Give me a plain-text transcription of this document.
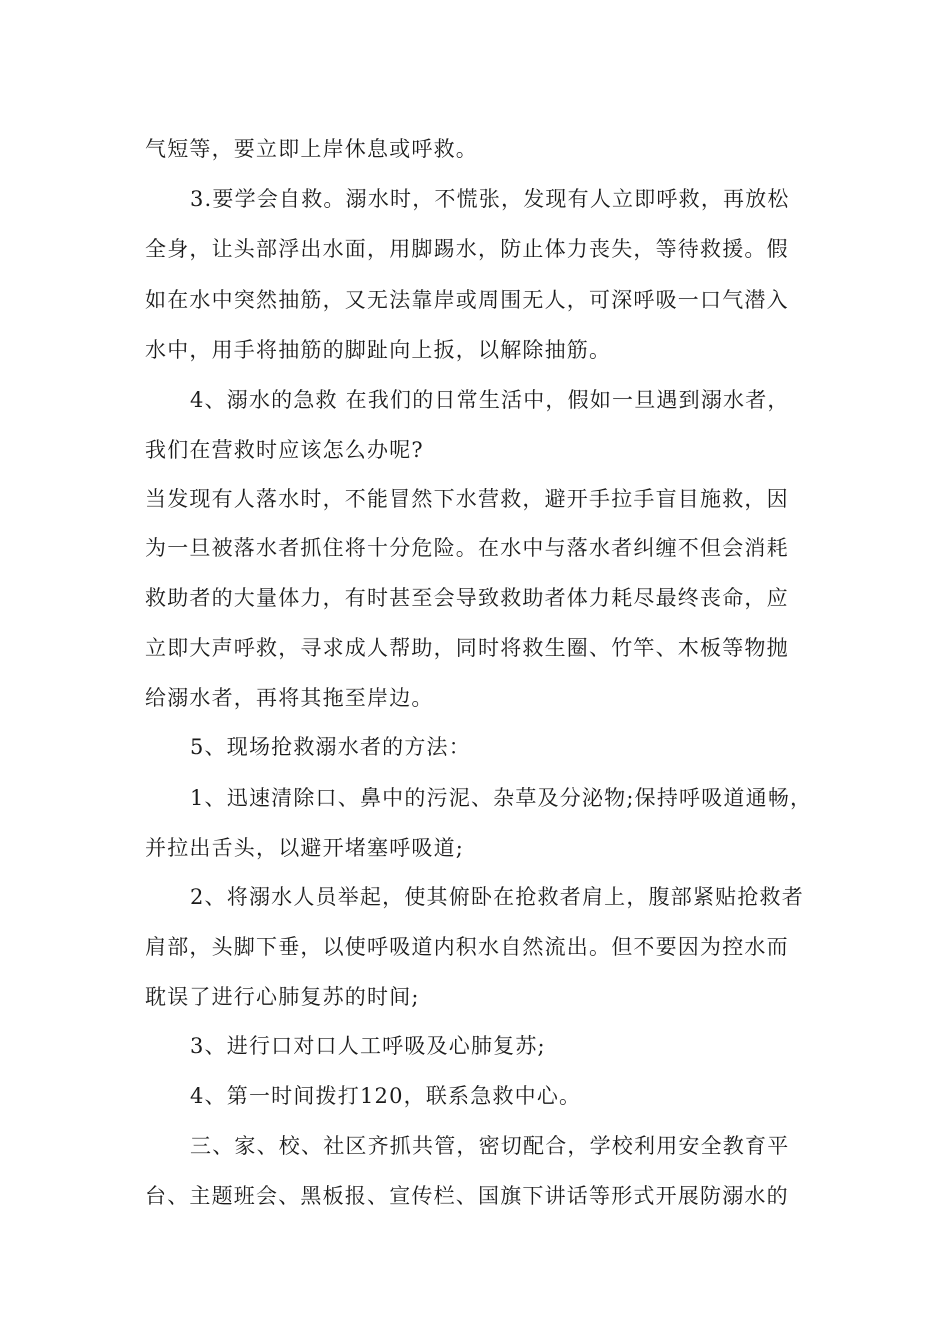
气短等，要立即上岸休息或呼救。
3.要学会自救。溺水时，不慌张，发现有人立即呼救，再放松
全身，让头部浮出水面，用脚踢水，防止体力丧失，等待救援。假
如在水中突然抽筋，又无法靠岸或周围无人，可深呼吸一口气潜入
水中，用手将抽筋的脚趾向上扳，以解除抽筋。
4、溺水的急救 在我们的日常生活中，假如一旦遇到溺水者，
我们在营救时应该怎么办呢?
当发现有人落水时，不能冒然下水营救，避开手拉手盲目施救，因
为一旦被落水者抓住将十分危险。在水中与落水者纠缠不但会消耗
救助者的大量体力，有时甚至会导致救助者体力耗尽最终丧命，应
立即大声呼救，寻求成人帮助，同时将救生圈、竹竿、木板等物抛
给溺水者，再将其拖至岸边。
5、现场抢救溺水者的方法：
1、迅速清除口、鼻中的污泥、杂草及分泌物;保持呼吸道通畅，
并拉出舌头，以避开堵塞呼吸道;
2、将溺水人员举起，使其俯卧在抢救者肩上，腹部紧贴抢救者
肩部，头脚下垂，以使呼吸道内积水自然流出。但不要因为控水而
耽误了进行心肺复苏的时间;
3、进行口对口人工呼吸及心肺复苏;
4、第一时间拨打120，联系急救中心。
三、家、校、社区齐抓共管，密切配合，学校利用安全教育平
台、主题班会、黑板报、宣传栏、国旗下讲话等形式开展防溺水的
